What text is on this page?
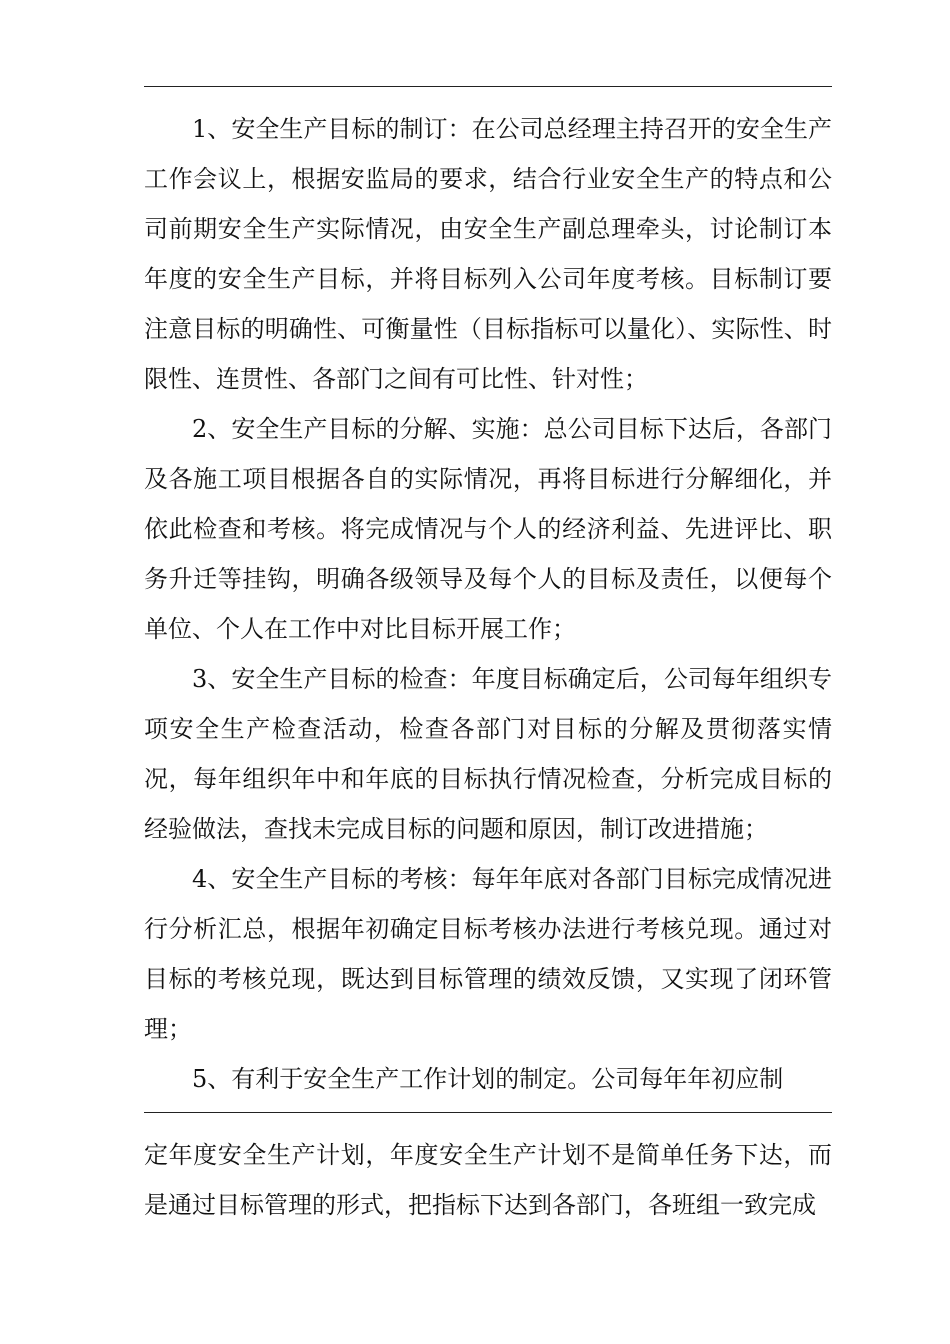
1、安全生产目标的制订：在公司总经理主持召开的安全生产工作会议上，根据安监局的要求，结合行业安全生产的特点和公司前期安全生产实际情况，由安全生产副总理牵头，讨论制订本年度的安全生产目标，并将目标列入公司年度考核。目标制订要注意目标的明确性、可衡量性（目标指标可以量化）、实际性、时限性、连贯性、各部门之间有可比性、针对性；

2、安全生产目标的分解、实施：总公司目标下达后，各部门及各施工项目根据各自的实际情况，再将目标进行分解细化，并依此检查和考核。将完成情况与个人的经济利益、先进评比、职务升迁等挂钩，明确各级领导及每个人的目标及责任，以便每个单位、个人在工作中对比目标开展工作；

3、安全生产目标的检查：年度目标确定后，公司每年组织专项安全生产检查活动，检查各部门对目标的分解及贯彻落实情况，每年组织年中和年底的目标执行情况检查，分析完成目标的经验做法，查找未完成目标的问题和原因，制订改进措施；

4、安全生产目标的考核：每年年底对各部门目标完成情况进行分析汇总，根据年初确定目标考核办法进行考核兑现。通过对目标的考核兑现，既达到目标管理的绩效反馈，又实现了闭环管理；

5、有利于安全生产工作计划的制定。公司每年年初应制

定年度安全生产计划，年度安全生产计划不是简单任务下达，而是通过目标管理的形式，把指标下达到各部门，各班组一致完成
